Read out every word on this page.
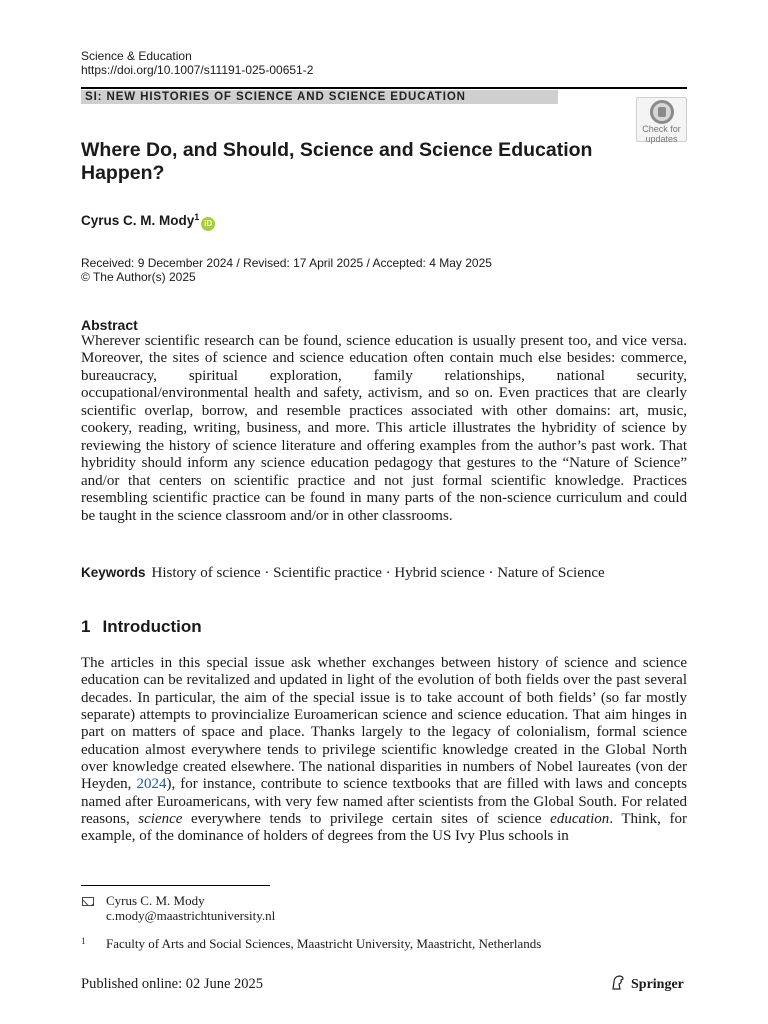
Science & Education
https://doi.org/10.1007/s11191-025-00651-2
SI: NEW HISTORIES OF SCIENCE AND SCIENCE EDUCATION
Check for
updates
Where Do, and Should, Science and Science Education Happen?
Cyrus C. M. Mody$^1$iD
Received: 9 December 2024 / Revised: 17 April 2025 / Accepted: 4 May 2025
© The Author(s) 2025
Abstract

Wherever scientific research can be found, science education is usually present too, and vice versa. Moreover, the sites of science and science education often contain much else besides: commerce, bureaucracy, spiritual exploration, family relationships, national security, occupational/environmental health and safety, activism, and so on. Even practices that are clearly scientific overlap, borrow, and resemble practices associated with other domains: art, music, cookery, reading, writing, business, and more. This article illustrates the hybridity of science by reviewing the history of science literature and offering examples from the author’s past work. That hybridity should inform any science education pedagogy that gestures to the “Nature of Science” and/or that centers on scientific practice and not just formal scientific knowledge. Practices resembling scientific practice can be found in many parts of the non-science curriculum and could be taught in the science classroom and/or in other classrooms.

Keywords History of science · Scientific practice · Hybrid science · Nature of Science
1 Introduction

The articles in this special issue ask whether exchanges between history of science and science education can be revitalized and updated in light of the evolution of both fields over the past several decades. In particular, the aim of the special issue is to take account of both fields’ (so far mostly separate) attempts to provincialize Euroamerican science and science education. That aim hinges in part on matters of space and place. Thanks largely to the legacy of colonialism, formal science education almost everywhere tends to privilege scientific knowledge created in the Global North over knowledge created elsewhere. The national disparities in numbers of Nobel laureates (von der Heyden, 2024), for instance, contribute to science textbooks that are filled with laws and concepts named after Euroamericans, with very few named after scientists from the Global South. For related reasons, science everywhere tends to privilege certain sites of science education. Think, for example, of the dominance of holders of degrees from the US Ivy Plus schools in

Cyrus C. M. Mody
c.mody@maastrichtuniversity.nl
1 Faculty of Arts and Social Sciences, Maastricht University, Maastricht, Netherlands
Published online: 02 June 2025	Springer
